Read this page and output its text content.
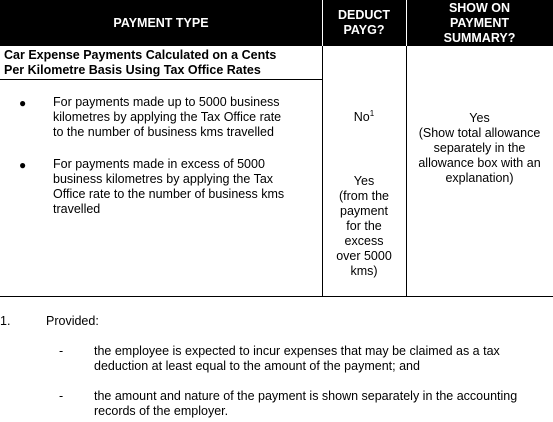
PAYMENT TYPE
DEDUCT
PAYG?
SHOW ON
PAYMENT
SUMMARY?
Car Expense Payments Calculated on a Cents
Per Kilometre Basis Using Tax Office Rates
● For payments made up to 5000 business
kilometres by applying the Tax Office rate
to the number of business kms travelled
No$^1$
● For payments made in excess of 5000
business kilometres by applying the Tax
Office rate to the number of business kms
travelled
Yes
(from the
payment
for the
excess
over 5000
kms)
Yes
(Show total allowance
separately in the
allowance box with an
explanation)
1.	Provided:
- the employee is expected to incur expenses that may be claimed as a tax
deduction at least equal to the amount of the payment; and
- the amount and nature of the payment is shown separately in the accounting
records of the employer.
